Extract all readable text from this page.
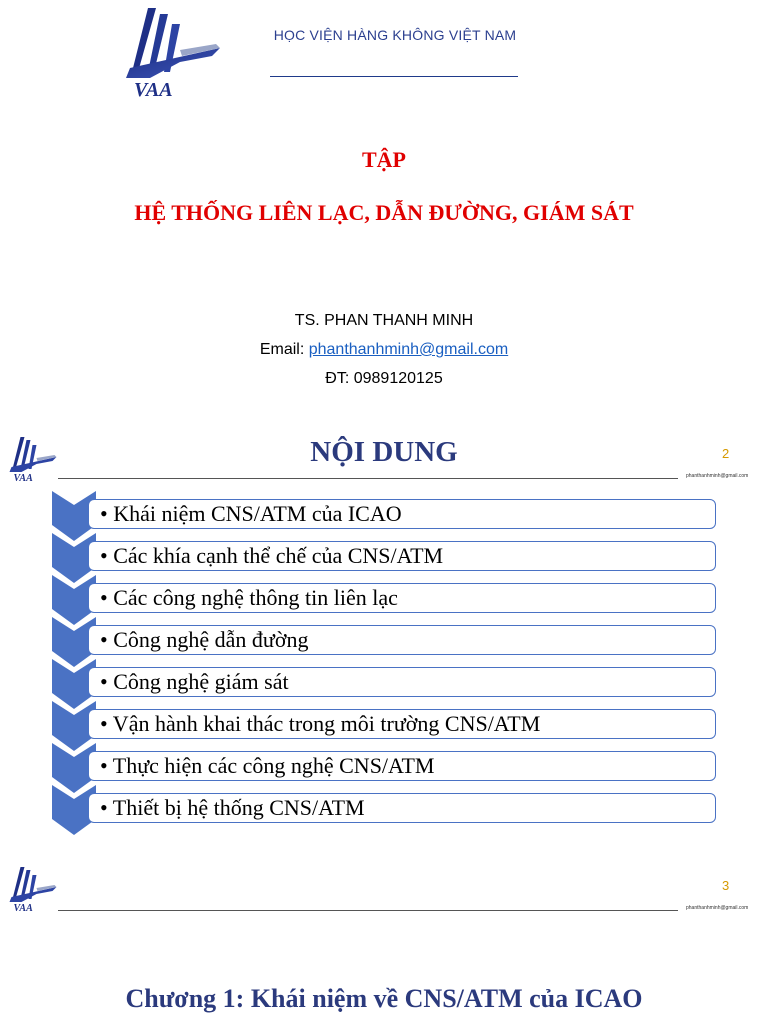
VAA
HỌC VIỆN HÀNG KHÔNG VIỆT NAM
TẬP
HỆ THỐNG LIÊN LẠC, DẪN ĐƯỜNG, GIÁM SÁT
TS. PHAN THANH MINH
Email: phanthanhminh@gmail.com
ĐT: 0989120125
VAA
NỘI DUNG	2
phanthanhminh@gmail.com
• Khái niệm CNS/ATM của ICAO
• Các khía cạnh thể chế của CNS/ATM
• Các công nghệ thông tin liên lạc
• Công nghệ dẫn đường
• Công nghệ giám sát
• Vận hành khai thác trong môi trường CNS/ATM
• Thực hiện các công nghệ CNS/ATM
• Thiết bị hệ thống CNS/ATM
VAA
3
phanthanhminh@gmail.com
Chương 1: Khái niệm về CNS/ATM của ICAO
